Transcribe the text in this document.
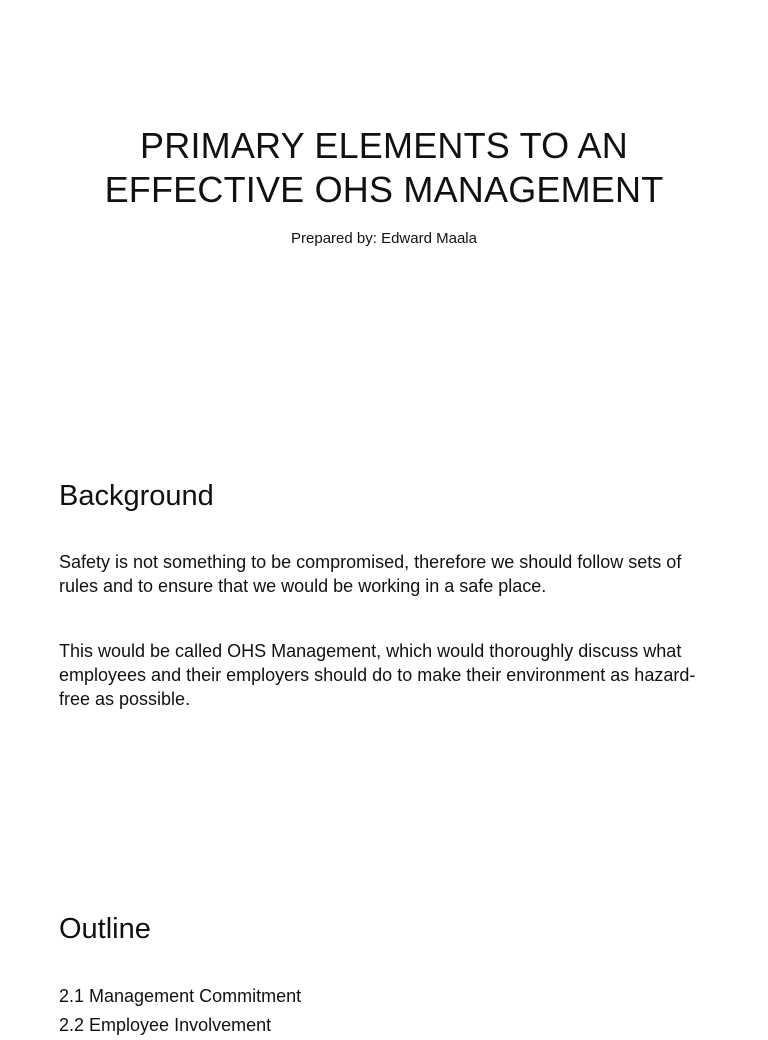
PRIMARY ELEMENTS TO AN
EFFECTIVE OHS MANAGEMENT
Prepared by: Edward Maala
Background

Safety is not something to be compromised, therefore we should follow sets of rules and to ensure that we would be working in a safe place.

This would be called OHS Management, which would thoroughly discuss what employees and their employers should do to make their environment as hazard-free as possible.

Outline
2.1 Management Commitment
2.2 Employee Involvement
